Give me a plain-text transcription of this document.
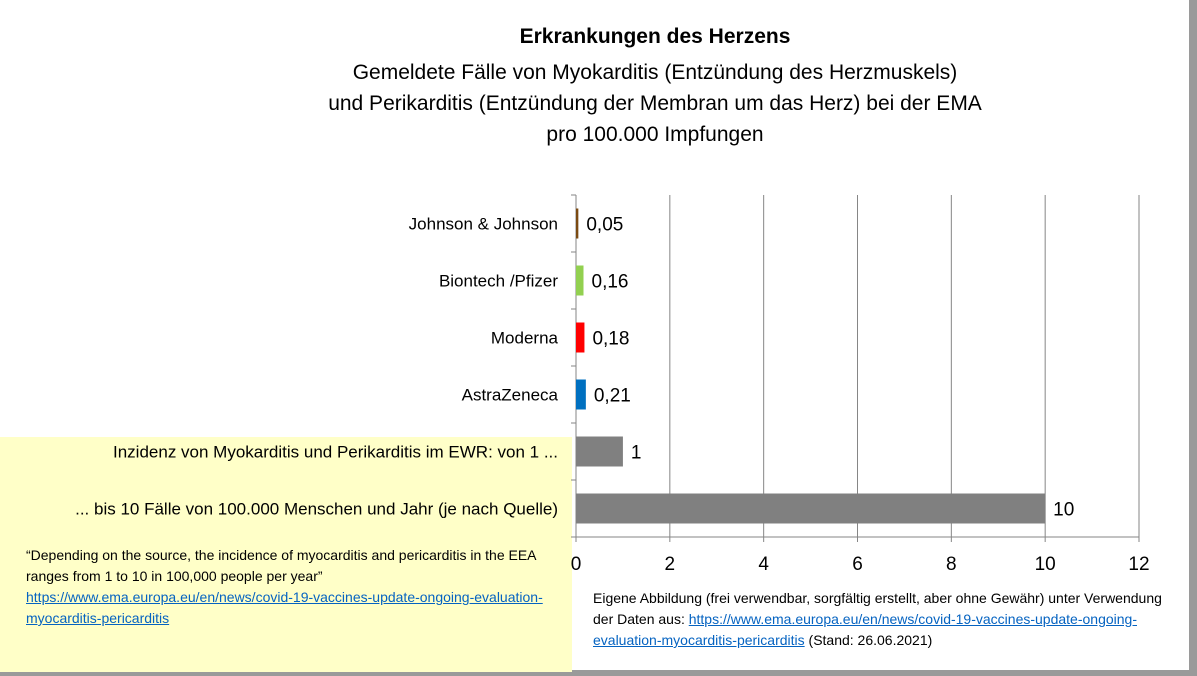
Erkrankungen des Herzens
Gemeldete Fälle von Myokarditis (Entzündung des Herzmuskels)
und Perikarditis (Entzündung der Membran um das Herz) bei der EMA
pro 100.000 Impfungen
“Depending on the source, the incidence of myocarditis and pericarditis in the EEA ranges from 1 to 10 in 100,000 people per year”
https://www.ema.europa.eu/en/news/covid-19-vaccines-update-ongoing-evaluation-myocarditis-pericarditis
Eigene Abbildung (frei verwendbar, sorgfältig erstellt, aber ohne Gewähr) unter Verwendung der Daten aus: https://www.ema.europa.eu/en/news/covid-19-vaccines-update-ongoing-evaluation-myocarditis-pericarditis (Stand: 26.06.2021)
0	2	4	6	8	10	12
0,05
Johnson & Johnson
0,16
Biontech /Pfizer
0,18
Moderna
0,21
AstraZeneca
1
Inzidenz von Myokarditis und Perikarditis im EWR: von 1 ...
10
... bis 10 Fälle von 100.000 Menschen und Jahr (je nach Quelle)
